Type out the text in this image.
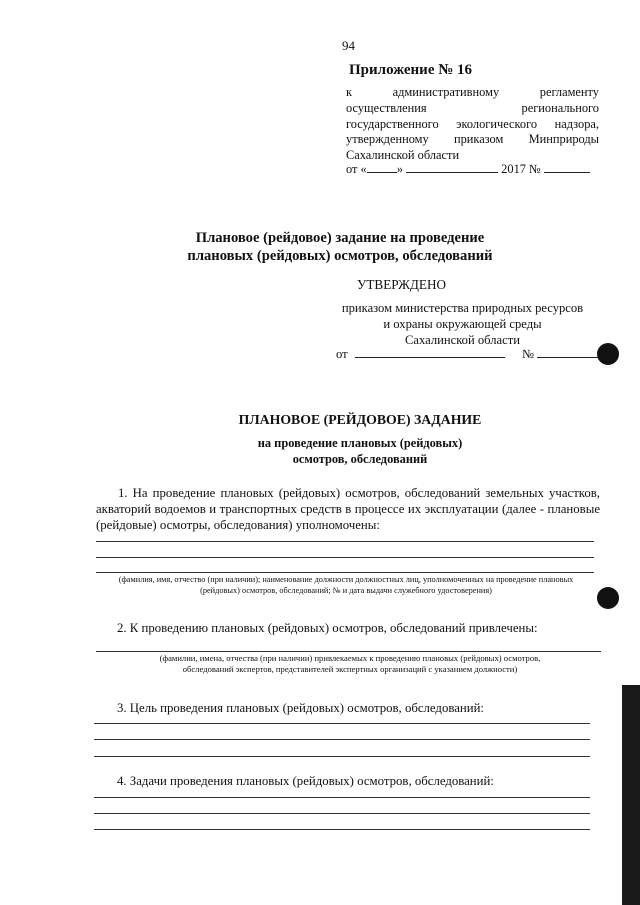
94
Приложение № 16
к административному регламенту
осуществления регионального
государственного экологического надзора,
утвержденному приказом Минприроды
Сахалинской области
от « »	2017 №
Плановое (рейдовое) задание на проведение
плановых (рейдовых) осмотров, обследований
УТВЕРЖДЕНО
приказом министерства природных ресурсов
и охраны окружающей среды
Сахалинской области
от	№
ПЛАНОВОЕ (РЕЙДОВОЕ) ЗАДАНИЕ
на проведение плановых (рейдовых)
осмотров, обследований
1. На проведение плановых (рейдовых) осмотров, обследований земельных участков, акваторий водоемов и транспортных средств в процессе их эксплуатации (далее - плановые (рейдовые) осмотры, обследования) уполномочены:
(фамилия, имя, отчество (при наличии); наименование должности должностных лиц, уполномоченных на проведение плановых
(рейдовых) осмотров, обследований; № и дата выдачи служебного удостоверения)
2. К проведению плановых (рейдовых) осмотров, обследований привлечены:
(фамилии, имена, отчества (при наличии) привлекаемых к проведению плановых (рейдовых) осмотров,
обследований экспертов, представителей экспертных организаций с указанием должности)
3. Цель проведения плановых (рейдовых) осмотров, обследований:
4. Задачи проведения плановых (рейдовых) осмотров, обследований:
